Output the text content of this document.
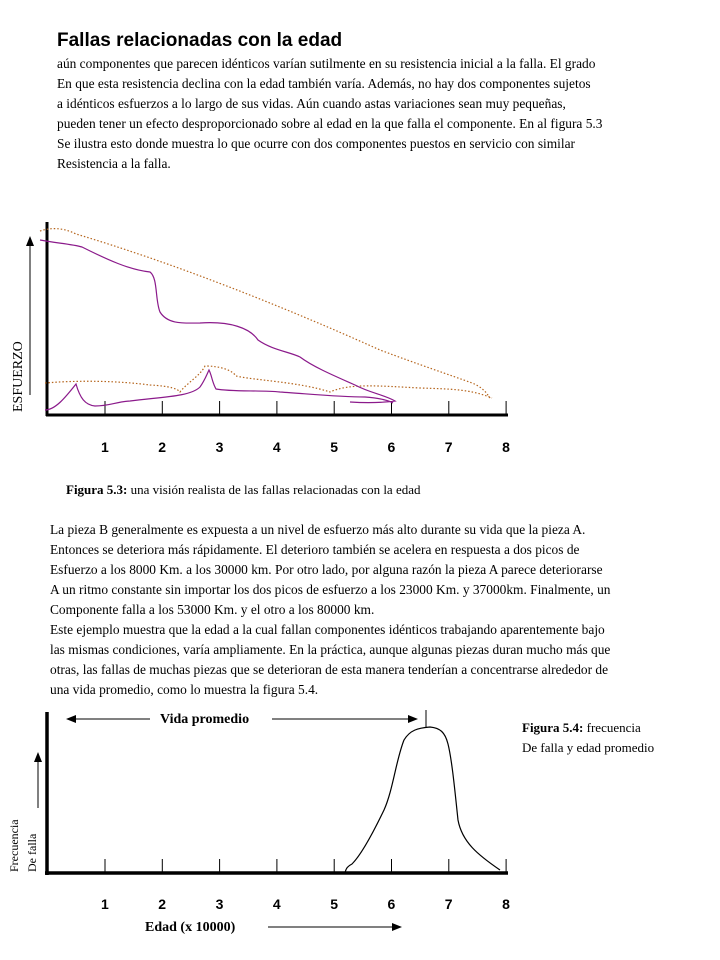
Fallas relacionadas con la edad
aún componentes que parecen idénticos varían sutilmente en su resistencia inicial a la falla. El grado
En que esta resistencia declina con la edad también varía. Además, no hay dos componentes sujetos
a idénticos esfuerzos a lo largo de sus vidas. Aún cuando astas variaciones sean muy pequeñas,
pueden tener un efecto desproporcionado sobre al edad en la que falla el componente. En al figura 5.3
Se ilustra esto donde muestra lo que ocurre con dos componentes puestos en servicio con similar
Resistencia a la falla.
ESFUERZO
1	2	3	4	5	6	7	8
Figura 5.3: una visión realista de las fallas relacionadas con la edad
La pieza B generalmente es expuesta a un nivel de esfuerzo más alto durante su vida que la pieza A.
Entonces se deteriora más rápidamente. El deterioro también se acelera en respuesta a dos picos de
Esfuerzo a los 8000 Km. a los 30000 km. Por otro lado, por alguna razón la pieza A parece deteriorarse
A un ritmo constante sin importar los dos picos de esfuerzo a los 23000 Km. y 37000km. Finalmente, un
Componente falla a los 53000 Km. y el otro a los 80000 km.
Este ejemplo muestra que la edad a la cual fallan componentes idénticos trabajando aparentemente bajo
las mismas condiciones, varía ampliamente. En la práctica, aunque algunas piezas duran mucho más que
otras, las fallas de muchas piezas que se deterioran de esta manera tenderían a concentrarse alrededor de
una vida promedio, como lo muestra la figura 5.4.
Vida promedio
Frecuencia De falla
1	2	3	4	5	6	7	8
Edad (x 10000)
Figura 5.4: frecuencia
De falla y edad promedio
